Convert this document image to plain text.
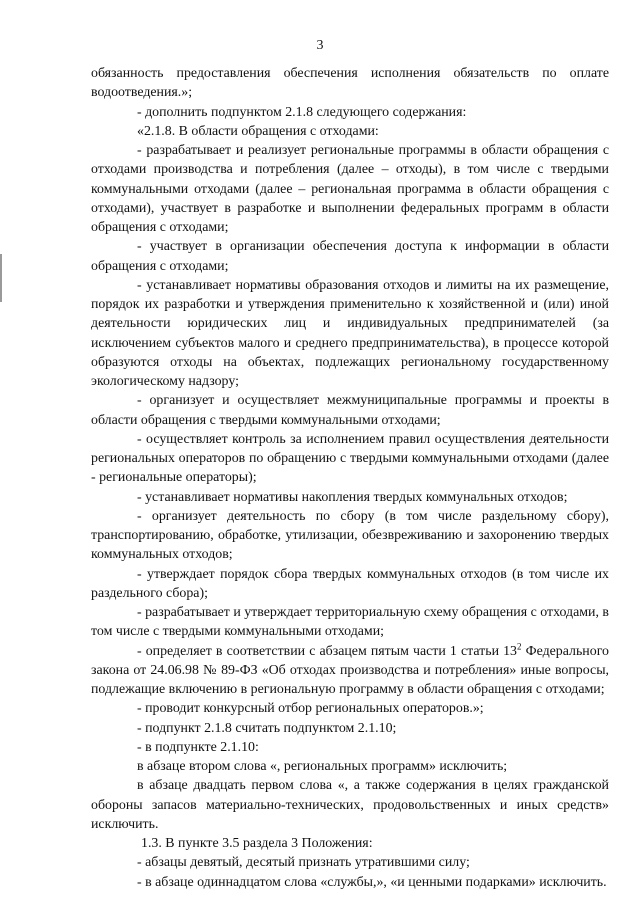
3

обязанность предоставления обеспечения исполнения обязательств по оплате водоотведения.»;

- дополнить подпунктом 2.1.8 следующего содержания:

«2.1.8. В области обращения с отходами:

- разрабатывает и реализует региональные программы в области обращения с отходами производства и потребления (далее – отходы), в том числе с твердыми коммунальными отходами (далее – региональная программа в области обращения с отходами), участвует в разработке и выполнении федеральных программ в области обращения с отходами;

- участвует в организации обеспечения доступа к информации в области обращения с отходами;

- устанавливает нормативы образования отходов и лимиты на их размещение, порядок их разработки и утверждения применительно к хозяйственной и (или) иной деятельности юридических лиц и индивидуальных предпринимателей (за исключением субъектов малого и среднего предпринимательства), в процессе которой образуются отходы на объектах, подлежащих региональному государственному экологическому надзору;

- организует и осуществляет межмуниципальные программы и проекты в области обращения с твердыми коммунальными отходами;

- осуществляет контроль за исполнением правил осуществления деятельности региональных операторов по обращению с твердыми коммунальными отходами (далее - региональные операторы);

- устанавливает нормативы накопления твердых коммунальных отходов;

- организует деятельность по сбору (в том числе раздельному сбору), транспортированию, обработке, утилизации, обезвреживанию и захоронению твердых коммунальных отходов;

- утверждает порядок сбора твердых коммунальных отходов (в том числе их раздельного сбора);

- разрабатывает и утверждает территориальную схему обращения с отходами, в том числе с твердыми коммунальными отходами;

- определяет в соответствии с абзацем пятым части 1 статьи $13^2$ Федерального закона от 24.06.98 № 89-ФЗ «Об отходах производства и потребления» иные вопросы, подлежащие включению в региональную программу в области обращения с отходами;

- проводит конкурсный отбор региональных операторов.»;

- подпункт 2.1.8 считать подпунктом 2.1.10;

- в подпункте 2.1.10:

в абзаце втором слова «, региональных программ» исключить;

в абзаце двадцать первом слова «, а также содержания в целях гражданской обороны запасов материально-технических, продовольственных и иных средств» исключить.

1.3. В пункте 3.5 раздела 3 Положения:

- абзацы девятый, десятый признать утратившими силу;

- в абзаце одиннадцатом слова «службы,», «и ценными подарками» исключить.
